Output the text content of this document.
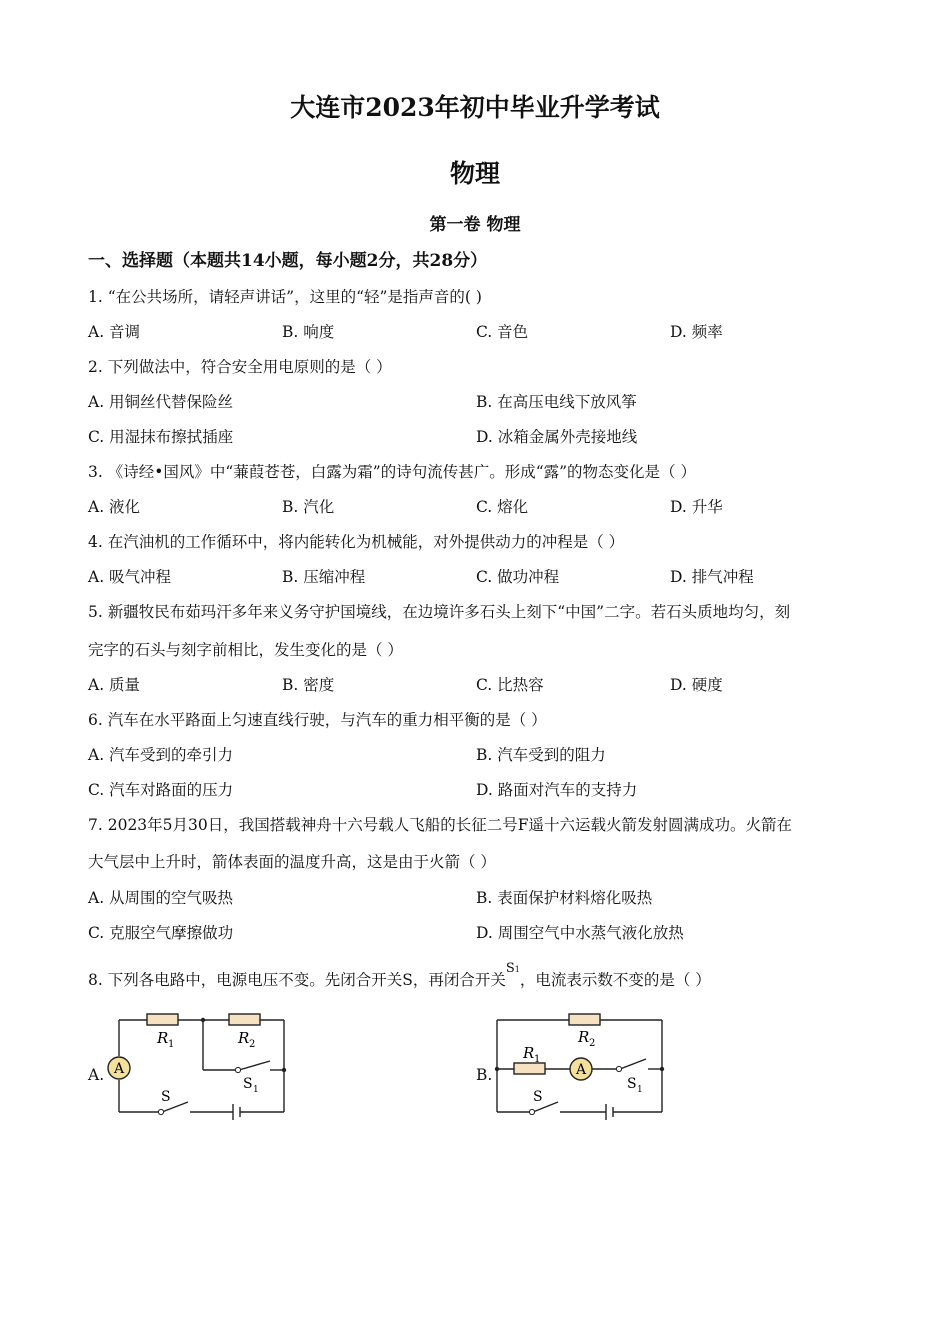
大连市2023年初中毕业升学考试
物理
第一卷 物理
一、选择题（本题共14小题，每小题2分，共28分）
1. “在公共场所，请轻声讲话”，这里的“轻”是指声音的( )
A. 音调	B. 响度	C. 音色	D. 频率
2. 下列做法中，符合安全用电原则的是（ ）
A. 用铜丝代替保险丝	B. 在高压电线下放风筝
C. 用湿抹布擦拭插座	D. 冰箱金属外壳接地线
3. 《诗经•国风》中“蒹葭苍苍，白露为霜”的诗句流传甚广。形成“露”的物态变化是（ ）
A. 液化	B. 汽化	C. 熔化	D. 升华
4. 在汽油机的工作循环中，将内能转化为机械能，对外提供动力的冲程是（ ）
A. 吸气冲程	B. 压缩冲程	C. 做功冲程	D. 排气冲程
5. 新疆牧民布茹玛汗多年来义务守护国境线，在边境许多石头上刻下“中国”二字。若石头质地均匀，刻
完字的石头与刻字前相比，发生变化的是（ ）
A. 质量	B. 密度	C. 比热容	D. 硬度
6. 汽车在水平路面上匀速直线行驶，与汽车的重力相平衡的是（ ）
A. 汽车受到的牵引力	B. 汽车受到的阻力
C. 汽车对路面的压力	D. 路面对汽车的支持力
7. 2023年5月30日，我国搭载神舟十六号载人飞船的长征二号F遥十六运载火箭发射圆满成功。火箭在
大气层中上升时，箭体表面的温度升高，这是由于火箭（ ）
A. 从周围的空气吸热	B. 表面保护材料熔化吸热
C. 克服空气摩擦做功	D. 周围空气中水蒸气液化放热
8. 下列各电路中，电源电压不变。先闭合开关S，再闭合开关$^{S1}$，电流表示数不变的是（ ）
A.	B.
A
R 1	R 2
S 1
S
A
R 2
R 1
S 1
S
